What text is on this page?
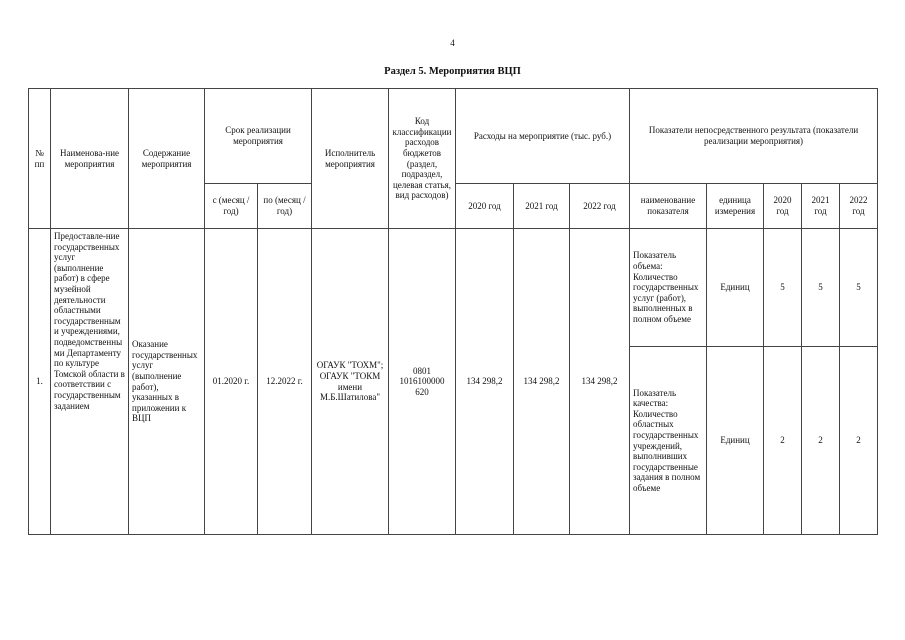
4
Раздел 5. Мероприятия ВЦП
№ пп	Наименова-ние мероприятия	Содержание мероприятия	Срок реализации мероприятия		Исполнитель мероприятия	Код классификации расходов бюджетов (раздел, подраздел, целевая статья, вид расходов)	Расходы на мероприятие (тыс. руб.)			Показатели непосредственного результата (показатели реализации мероприятия)				
			с (месяц /год)	по (месяц /год)			2020 год	2021 год	2022 год	наименование показателя	единица измерения	2020 год	2021 год	2022 год
1.	Предоставле-ние государственных услуг (выполнение работ) в сфере музейной деятельности областными государственными учреждениями, подведомственными Департаменту по культуре Томской области в соответствии с государственным заданием	Оказание государственных услуг (выполнение работ), указанных в приложении к ВЦП	01.2020 г.	12.2022 г.	ОГАУК "ТОХМ"; ОГАУК "ТОКМ имени М.Б.Шатилова"	0801 1016100000 620	134 298,2	134 298,2	134 298,2	Показатель объема: Количество государственных услуг (работ), выполненных в полном объеме	Единиц	5	5	5
										Показатель качества: Количество областных государственных учреждений, выполнивших государственные задания в полном объеме	Единиц	2	2	2
